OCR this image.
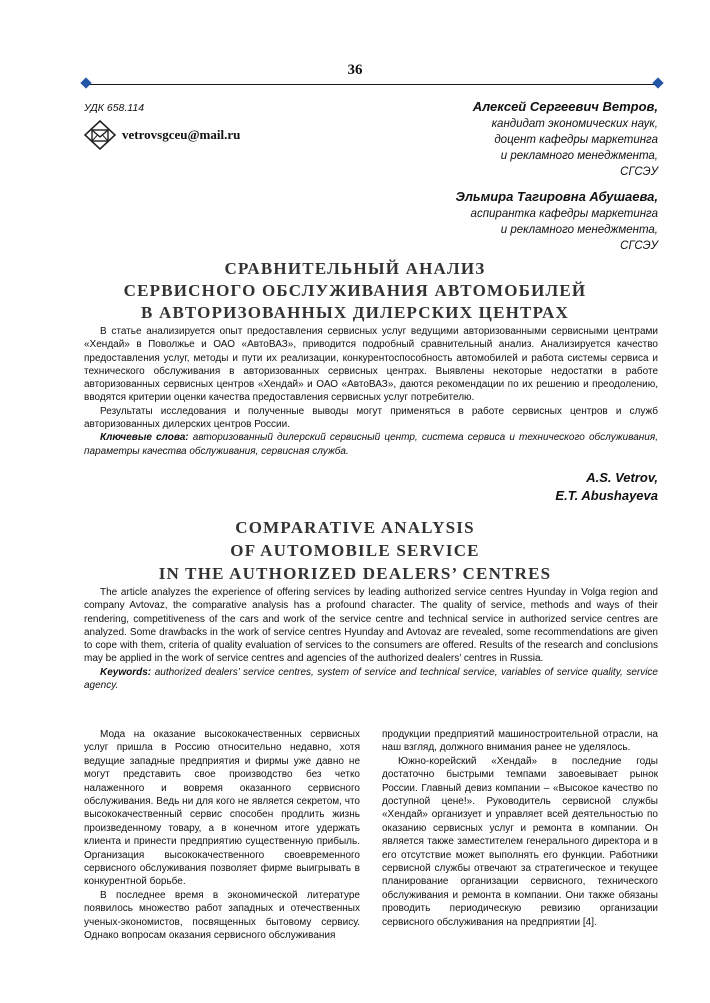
36
УДК 658.114
vetrovsgceu@mail.ru
Алексей Сергеевич Ветров,
кандидат экономических наук,
доцент кафедры маркетинга
и рекламного менеджмента,
СГСЭУ
Эльмира Тагировна Абушаева,
аспирантка кафедры маркетинга
и рекламного менеджмента,
СГСЭУ
СРАВНИТЕЛЬНЫЙ АНАЛИЗ
СЕРВИСНОГО ОБСЛУЖИВАНИЯ АВТОМОБИЛЕЙ
В АВТОРИЗОВАННЫХ ДИЛЕРСКИХ ЦЕНТРАХ

В статье анализируется опыт предоставления сервисных услуг ведущими авторизованными сервисными центрами «Хендай» в Поволжье и ОАО «АвтоВАЗ», приводится подробный сравнительный анализ. Анализируется качество предоставления услуг, методы и пути их реализации, конкурентоспособность автомобилей и работа системы сервиса и технического обслуживания в авторизованных сервисных центрах. Выявлены некоторые недостатки в работе авторизованных сервисных центров «Хендай» и ОАО «АвтоВАЗ», даются рекомендации по их решению и преодолению, вводятся критерии оценки качества предоставления сервисных услуг потребителю.

Результаты исследования и полученные выводы могут применяться в работе сервисных центров и служб авторизованных дилерских центров России.

Ключевые слова: авторизованный дилерский сервисный центр, система сервиса и технического обслуживания, параметры качества обслуживания, сервисная служба.

A.S. Vetrov,
E.T. Abushayeva
COMPARATIVE ANALYSIS
OF AUTOMOBILE SERVICE
IN THE AUTHORIZED DEALERS’ CENTRES

The article analyzes the experience of offering services by leading authorized service centres Hyunday in Volga region and company Avtovaz, the comparative analysis has a profound character. The quality of service, methods and ways of their rendering, competitiveness of the cars and work of the service centre and technical service in authorized service centres are analyzed. Some drawbacks in the work of service centres Hyunday and Avtovaz are revealed, some recommendations are given to cope with them, criteria of quality evaluation of services to the consumers are offered. Results of the research and conclusions may be applied in the work of service centres and agencies of the authorized dealers’ centres in Russia.

Keywords: authorized dealers’ service centres, system of service and technical service, variables of service quality, service agency.

Мода на оказание высококачественных сервисных услуг пришла в Россию относительно недавно, хотя ведущие западные предприятия и фирмы уже давно не могут представить свое производство без четко налаженного и вовремя оказанного сервисного обслуживания. Ведь ни для кого не является секретом, что высококачественный сервис способен продлить жизнь произведенному товару, а в конечном итоге удержать клиента и принести предприятию существенную прибыль. Организация высококачественного своевременного сервисного обслуживания позволяет фирме выигрывать в конкурентной борьбе.

В последнее время в экономической литературе появилось множество работ западных и отечественных ученых-экономистов, посвященных бытовому сервису. Однако вопросам оказания сервисного обслуживания

продукции предприятий машиностроительной отрасли, на наш взгляд, должного внимания ранее не уделялось.

Южно-корейский «Хендай» в последние годы достаточно быстрыми темпами завоевывает рынок России. Главный девиз компании – «Высокое качество по доступной цене!». Руководитель сервисной службы «Хендай» организует и управляет всей деятельностью по оказанию сервисных услуг и ремонта в компании. Он является также заместителем генерального директора и в его отсутствие может выполнять его функции. Работники сервисной службы отвечают за стратегическое и текущее планирование организации сервисного, технического обслуживания и ремонта в компании. Они также обязаны проводить периодическую ревизию организации сервисного обслуживания на предприятии [4].
